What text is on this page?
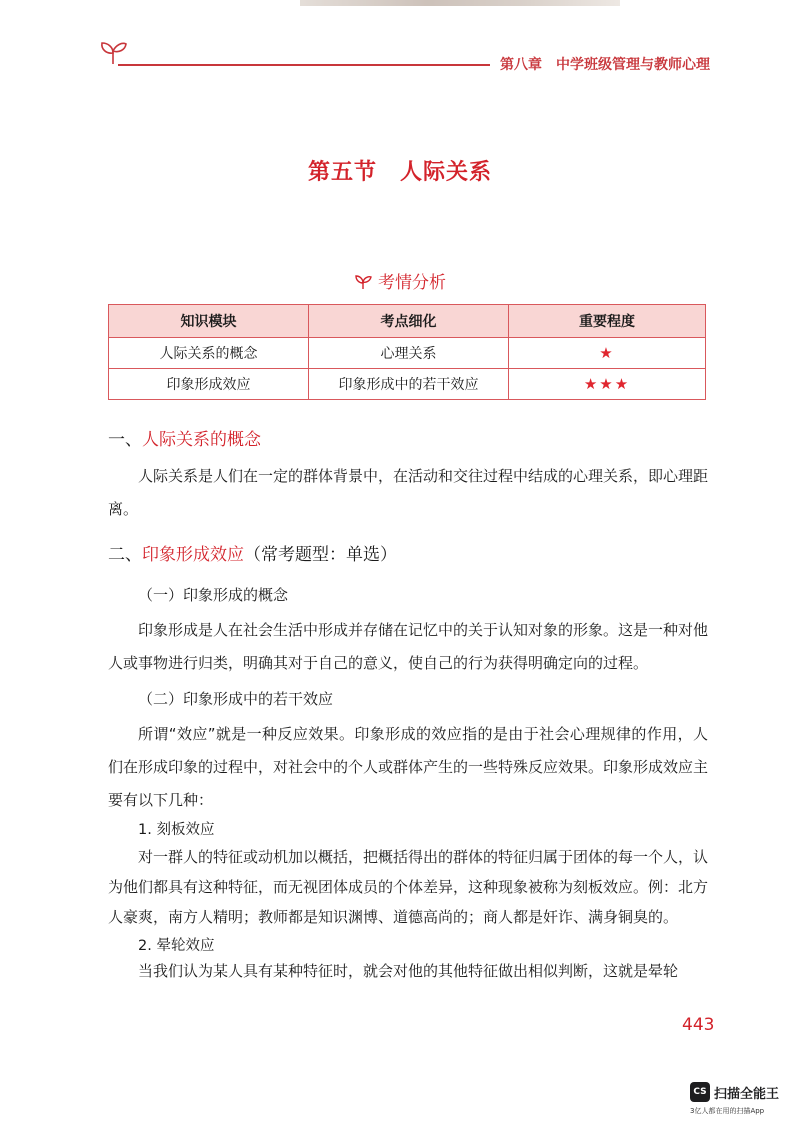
第八章　中学班级管理与教师心理
第五节　人际关系
考情分析
知识模块	考点细化	重要程度
人际关系的概念	心理关系	★
印象形成效应	印象形成中的若干效应	★★★
一、人际关系的概念
人际关系是人们在一定的群体背景中，在活动和交往过程中结成的心理关系，即心理距离。
二、印象形成效应（常考题型：单选）
（一）印象形成的概念
印象形成是人在社会生活中形成并存储在记忆中的关于认知对象的形象。这是一种对他人或事物进行归类，明确其对于自己的意义，使自己的行为获得明确定向的过程。
（二）印象形成中的若干效应
所谓“效应”就是一种反应效果。印象形成的效应指的是由于社会心理规律的作用，人们在形成印象的过程中，对社会中的个人或群体产生的一些特殊反应效果。印象形成效应主要有以下几种：
1. 刻板效应
对一群人的特征或动机加以概括，把概括得出的群体的特征归属于团体的每一个人，认为他们都具有这种特征，而无视团体成员的个体差异，这种现象被称为刻板效应。例：北方人豪爽，南方人精明；教师都是知识渊博、道德高尚的；商人都是奸诈、满身铜臭的。
2. 晕轮效应
当我们认为某人具有某种特征时，就会对他的其他特征做出相似判断，这就是晕轮
443
CS 扫描全能王
3亿人都在用的扫描App
